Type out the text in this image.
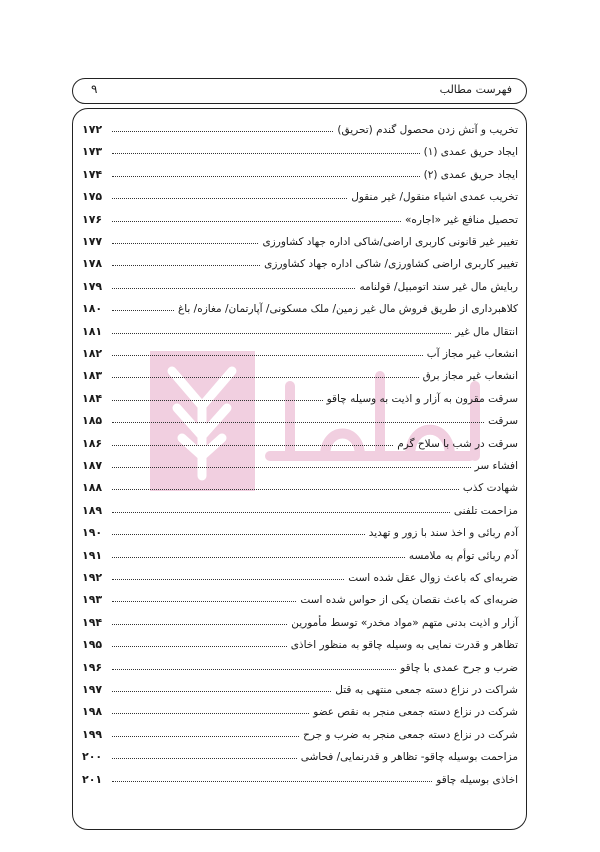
فهرست مطالب
۹
تخریب و آتش زدن محصول گندم (تحریق)
۱۷۲
ایجاد حریق عمدی (۱)
۱۷۳
ایجاد حریق عمدی (۲)
۱۷۴
تخریب عمدی اشیاء منقول/ غیر منقول
۱۷۵
تحصیل منافع غیر «اجاره»
۱۷۶
تغییر غیر قانونی کاربری اراضی/شاکی اداره جهاد کشاورزی
۱۷۷
تغییر کاربری اراضی کشاورزی/ شاکی اداره جهاد کشاورزی
۱۷۸
ربایش مال غیر سند اتومبیل/ قولنامه
۱۷۹
کلاهبرداری از طریق فروش مال غیر زمین/ ملک مسکونی/ آپارتمان/ مغازه/ باغ
۱۸۰
انتقال مال غیر
۱۸۱
انشعاب غیر مجاز آب
۱۸۲
انشعاب غیر مجاز برق
۱۸۳
سرقت مقرون به آزار و اذیت به وسیله چاقو
۱۸۴
سرقت
۱۸۵
سرقت در شب با سلاح گرم
۱۸۶
افشاء سر
۱۸۷
شهادت کذب
۱۸۸
مزاحمت تلفنی
۱۸۹
آدم ربائی و اخذ سند با زور و تهدید
۱۹۰
آدم ربائی توأم به ملامسه
۱۹۱
ضربه‌ای که باعث زوال عقل شده است
۱۹۲
ضربه‌ای که باعث نقصان یکی از حواس شده است
۱۹۳
آزار و اذیت بدنی متهم «مواد مخدر» توسط مأمورین
۱۹۴
تظاهر و قدرت نمایی به وسیله چاقو به منظور اخاذی
۱۹۵
ضرب و جرح عمدی با چاقو
۱۹۶
شراکت در نزاع دسته جمعی منتهی به قتل
۱۹۷
شرکت در نزاع دسته جمعی منجر به نقص عضو
۱۹۸
شرکت در نزاع دسته جمعی منجر به ضرب و جرح
۱۹۹
مزاحمت بوسیله چاقو- تظاهر و قدرنمایی/ فحاشی
۲۰۰
اخاذی بوسیله چاقو
۲۰۱
